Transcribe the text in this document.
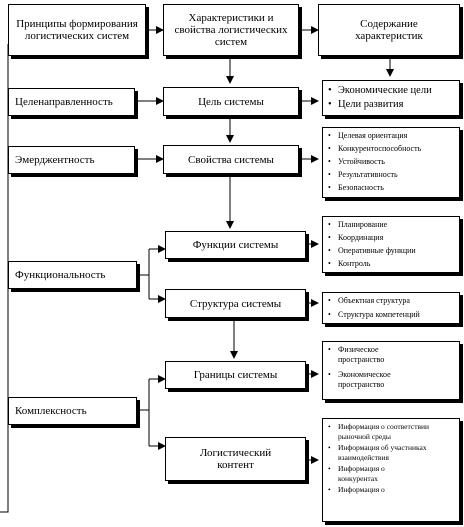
Принципы формирования логистических систем
Характеристики и свойства логистических систем
Содержание характеристик
Целенаправленность
Эмерджентность
Функциональность
Комплексность
Цель системы
Свойства системы
Функции системы
Структура системы
Границы системы
Логистический контент
• Экономические цели
• Цели развития
• Целевая ориентация
• Конкурентоспособность
• Устойчивость
• Результативность
• Безопасность
• Планирование
• Координация
• Оперативные функции
• Контроль
• Объектная структура
• Структура компетенций
• Физическое пространство
• Экономическое пространство
• Информация о соответствии рыночной среды
• Информация об участниках взаимодействия
• Информация о конкурентах
• Информация о
